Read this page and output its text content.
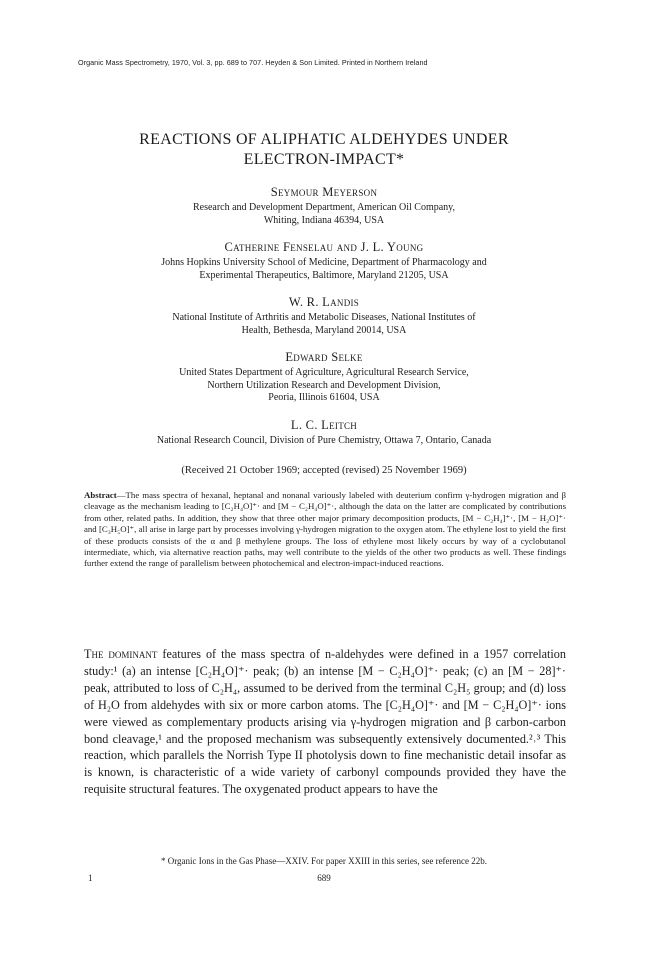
Organic Mass Spectrometry, 1970, Vol. 3, pp. 689 to 707. Heyden & Son Limited. Printed in Northern Ireland
REACTIONS OF ALIPHATIC ALDEHYDES UNDER
ELECTRON-IMPACT*
Seymour Meyerson
Research and Development Department, American Oil Company,
Whiting, Indiana 46394, USA
Catherine Fenselau and J. L. Young
Johns Hopkins University School of Medicine, Department of Pharmacology and
Experimental Therapeutics, Baltimore, Maryland 21205, USA
W. R. Landis
National Institute of Arthritis and Metabolic Diseases, National Institutes of
Health, Bethesda, Maryland 20014, USA
Edward Selke
United States Department of Agriculture, Agricultural Research Service,
Northern Utilization Research and Development Division,
Peoria, Illinois 61604, USA
L. C. Leitch
National Research Council, Division of Pure Chemistry, Ottawa 7, Ontario, Canada
(Received 21 October 1969; accepted (revised) 25 November 1969)
Abstract—The mass spectra of hexanal, heptanal and nonanal variously labeled with deuterium confirm γ-hydrogen migration and β cleavage as the mechanism leading to [C₂H₄O]⁺· and [M − C₂H₄O]⁺·, although the data on the latter are complicated by contributions from other, related paths. In addition, they show that three other major primary decomposition products, [M − C₂H₄]⁺·, [M − H₂O]⁺· and [C₃H₅O]⁺, all arise in large part by processes involving γ-hydrogen migration to the oxygen atom. The ethylene lost to yield the first of these products consists of the α and β methylene groups. The loss of ethylene most likely occurs by way of a cyclobutanol intermediate, which, via alternative reaction paths, may well contribute to the yields of the other two products as well. These findings further extend the range of parallelism between photochemical and electron-impact-induced reactions.
The dominant features of the mass spectra of n-aldehydes were defined in a 1957 correlation study:¹ (a) an intense [C₂H₄O]⁺· peak; (b) an intense [M − C₂H₄O]⁺· peak; (c) an [M − 28]⁺· peak, attributed to loss of C₂H₄, assumed to be derived from the terminal C₂H₅ group; and (d) loss of H₂O from aldehydes with six or more carbon atoms. The [C₂H₄O]⁺· and [M − C₂H₄O]⁺· ions were viewed as complementary products arising via γ-hydrogen migration and β carbon-carbon bond cleavage,¹ and the proposed mechanism was subsequently extensively documented.²˒³ This reaction, which parallels the Norrish Type II photolysis down to fine mechanistic detail insofar as is known, is characteristic of a wide variety of carbonyl compounds provided they have the requisite structural features. The oxygenated product appears to have the
* Organic Ions in the Gas Phase—XXIV. For paper XXIII in this series, see reference 22b.
1	689
